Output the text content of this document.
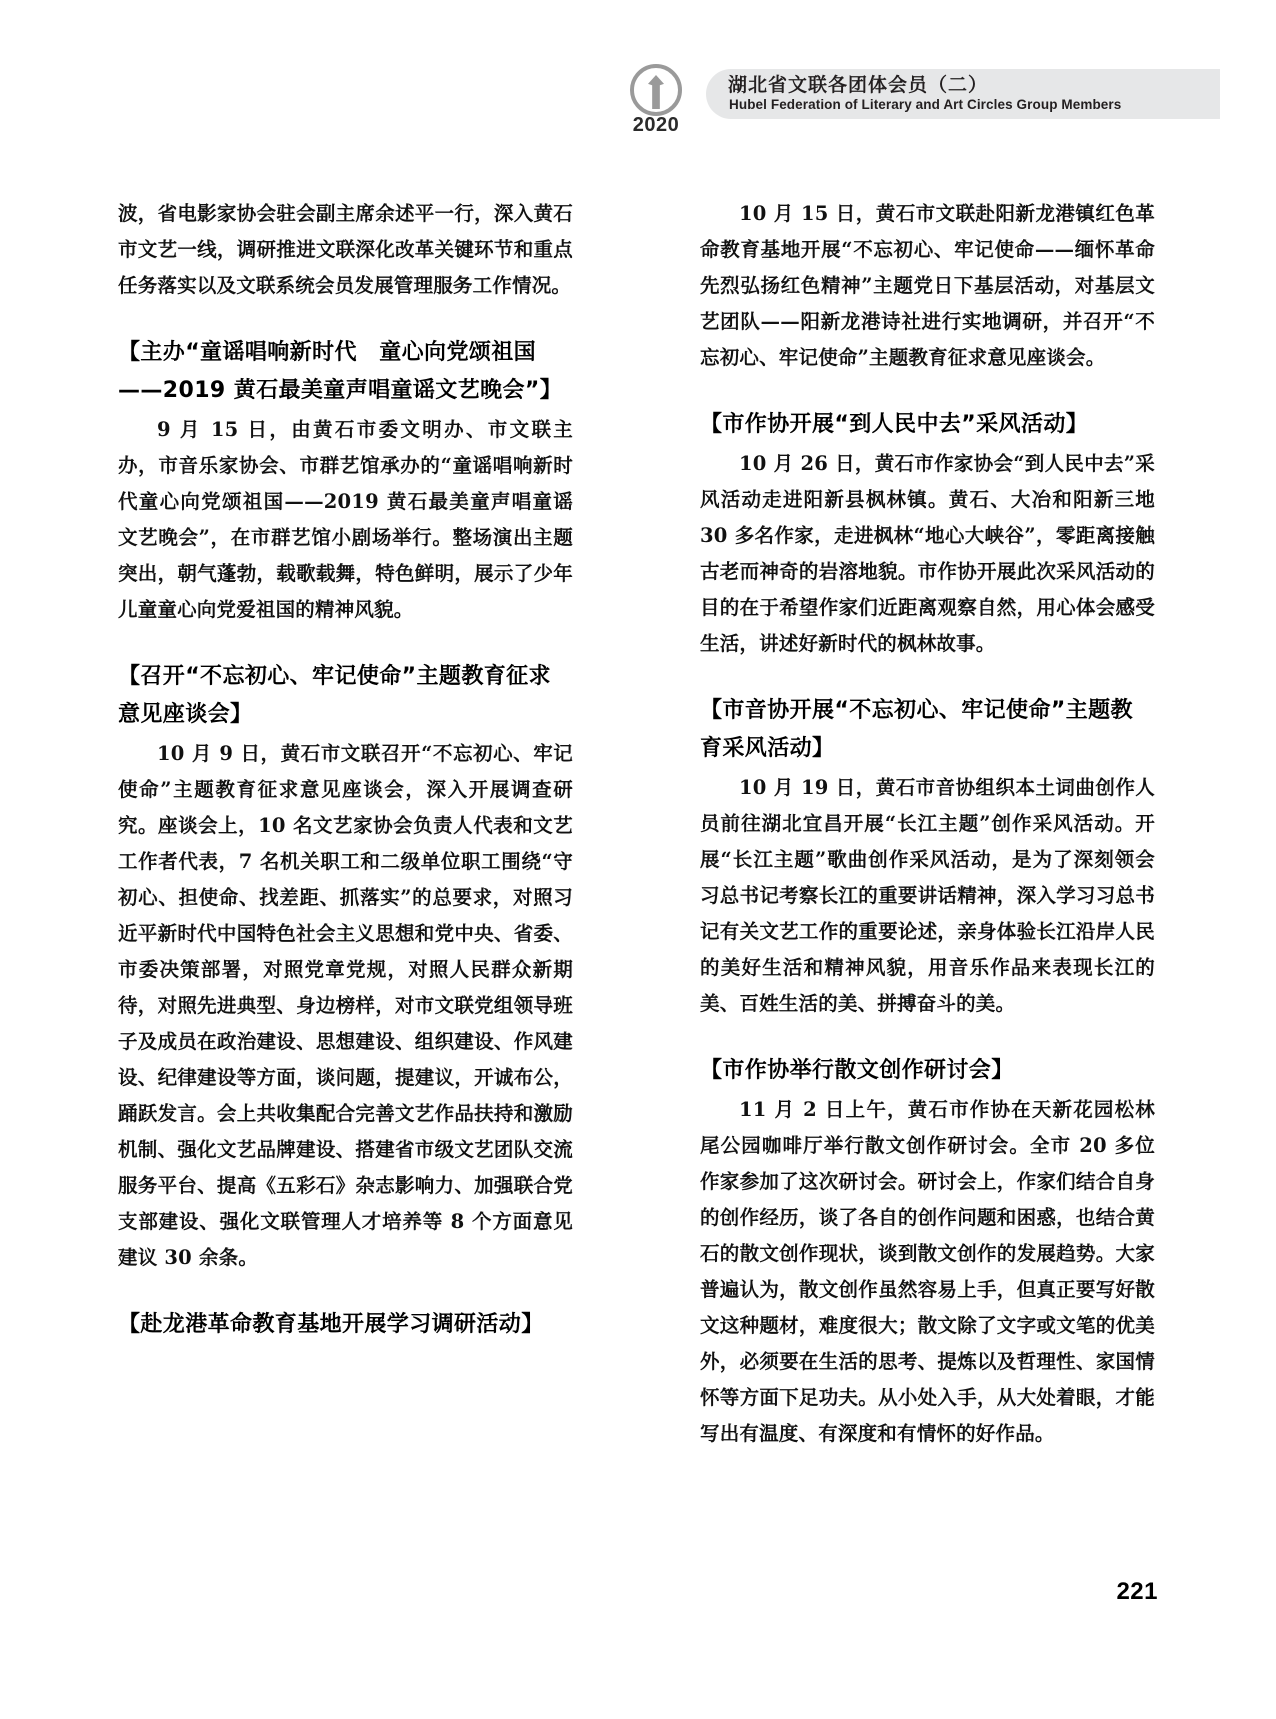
2020
湖北省文联各团体会员（二）
Hubel Federation of Literary and Art Circles Group Members

波，省电影家协会驻会副主席余述平一行，深入黄石市文艺一线，调研推进文联深化改革关键环节和重点任务落实以及文联系统会员发展管理服务工作情况。

【主办“童谣唱响新时代　童心向党颂祖国——2019 黄石最美童声唱童谣文艺晚会”】

9 月 15 日，由黄石市委文明办、市文联主办，市音乐家协会、市群艺馆承办的“童谣唱响新时代童心向党颂祖国——2019 黄石最美童声唱童谣文艺晚会”，在市群艺馆小剧场举行。整场演出主题突出，朝气蓬勃，载歌载舞，特色鲜明，展示了少年儿童童心向党爱祖国的精神风貌。

【召开“不忘初心、牢记使命”主题教育征求意见座谈会】

10 月 9 日，黄石市文联召开“不忘初心、牢记使命”主题教育征求意见座谈会，深入开展调查研究。座谈会上，10 名文艺家协会负责人代表和文艺工作者代表，7 名机关职工和二级单位职工围绕“守初心、担使命、找差距、抓落实”的总要求，对照习近平新时代中国特色社会主义思想和党中央、省委、市委决策部署，对照党章党规，对照人民群众新期待，对照先进典型、身边榜样，对市文联党组领导班子及成员在政治建设、思想建设、组织建设、作风建设、纪律建设等方面，谈问题，提建议，开诚布公，踊跃发言。会上共收集配合完善文艺作品扶持和激励机制、强化文艺品牌建设、搭建省市级文艺团队交流服务平台、提高《五彩石》杂志影响力、加强联合党支部建设、强化文联管理人才培养等 8 个方面意见建议 30 余条。

【赴龙港革命教育基地开展学习调研活动】

10 月 15 日，黄石市文联赴阳新龙港镇红色革命教育基地开展“不忘初心、牢记使命——缅怀革命先烈弘扬红色精神”主题党日下基层活动，对基层文艺团队——阳新龙港诗社进行实地调研，并召开“不忘初心、牢记使命”主题教育征求意见座谈会。

【市作协开展“到人民中去”采风活动】

10 月 26 日，黄石市作家协会“到人民中去”采风活动走进阳新县枫林镇。黄石、大冶和阳新三地 30 多名作家，走进枫林“地心大峡谷”，零距离接触古老而神奇的岩溶地貌。市作协开展此次采风活动的目的在于希望作家们近距离观察自然，用心体会感受生活，讲述好新时代的枫林故事。

【市音协开展“不忘初心、牢记使命”主题教育采风活动】

10 月 19 日，黄石市音协组织本土词曲创作人员前往湖北宜昌开展“长江主题”创作采风活动。开展“长江主题”歌曲创作采风活动，是为了深刻领会习总书记考察长江的重要讲话精神，深入学习习总书记有关文艺工作的重要论述，亲身体验长江沿岸人民的美好生活和精神风貌，用音乐作品来表现长江的美、百姓生活的美、拼搏奋斗的美。

【市作协举行散文创作研讨会】

11 月 2 日上午，黄石市作协在天新花园松林尾公园咖啡厅举行散文创作研讨会。全市 20 多位作家参加了这次研讨会。研讨会上，作家们结合自身的创作经历，谈了各自的创作问题和困惑，也结合黄石的散文创作现状，谈到散文创作的发展趋势。大家普遍认为，散文创作虽然容易上手，但真正要写好散文这种题材，难度很大；散文除了文字或文笔的优美外，必须要在生活的思考、提炼以及哲理性、家国情怀等方面下足功夫。从小处入手，从大处着眼，才能写出有温度、有深度和有情怀的好作品。

221
